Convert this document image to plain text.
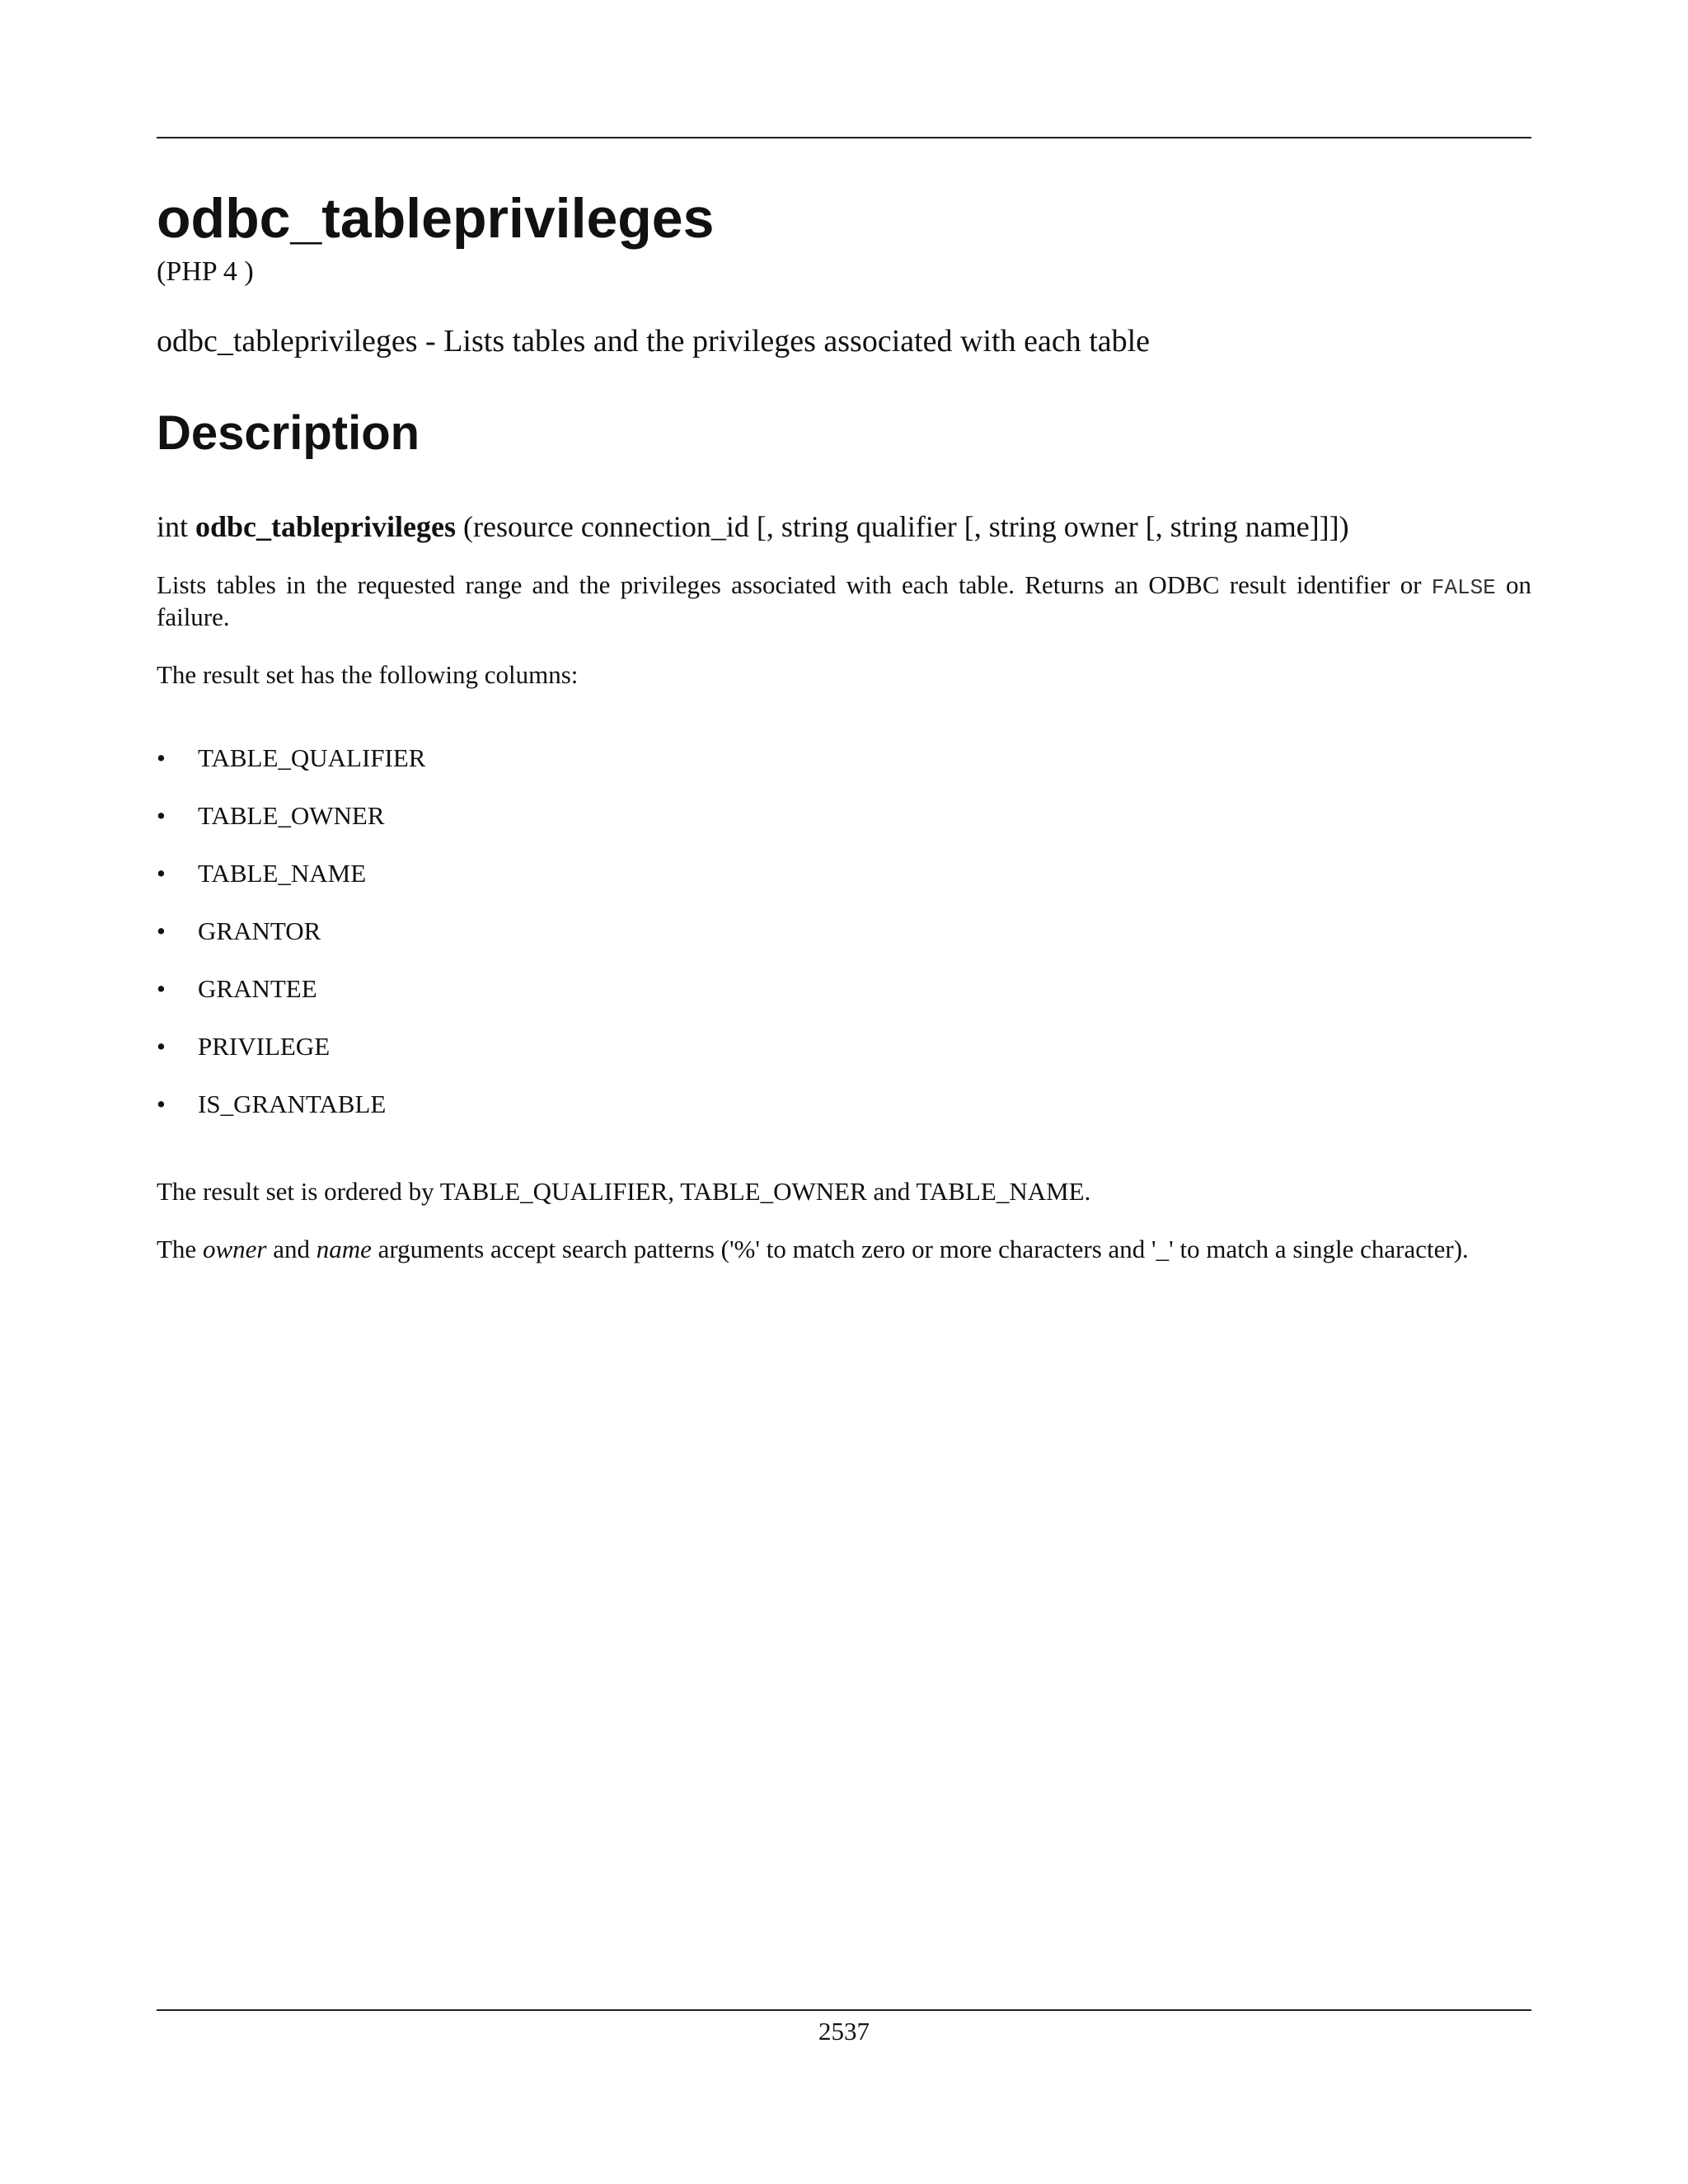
odbc_tableprivileges
(PHP 4 )
odbc_tableprivileges - Lists tables and the privileges associated with each table
Description
int odbc_tableprivileges (resource connection_id [, string qualifier [, string owner [, string name]]])
Lists tables in the requested range and the privileges associated with each table. Returns an ODBC result identifier or FALSE on failure.
The result set has the following columns:
• TABLE_QUALIFIER
• TABLE_OWNER
• TABLE_NAME
• GRANTOR
• GRANTEE
• PRIVILEGE
• IS_GRANTABLE
The result set is ordered by TABLE_QUALIFIER, TABLE_OWNER and TABLE_NAME.
The owner and name arguments accept search patterns ('%' to match zero or more characters and '_' to match a single character).
2537
